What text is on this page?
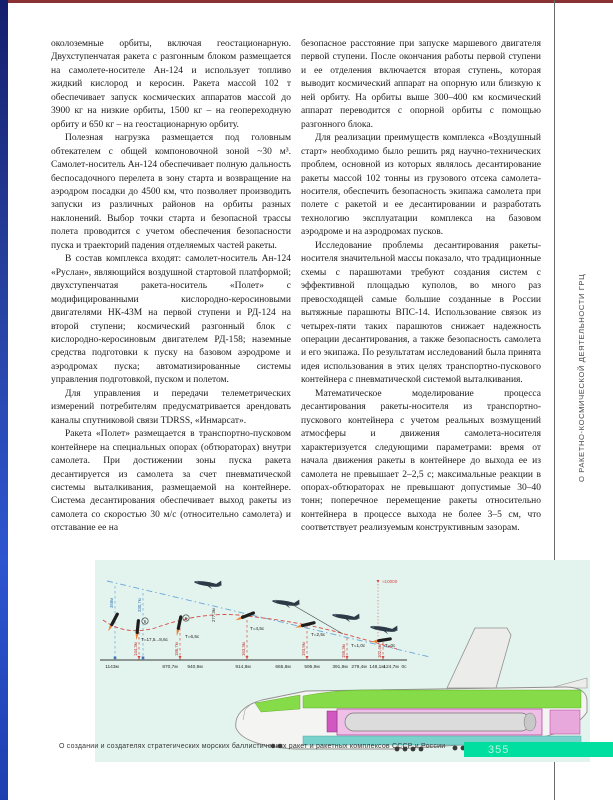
О РАКЕТНО-КОСМИЧЕСКОЙ ДЕЯТЕЛЬНОСТИ ГРЦ

околоземные орбиты, включая геостационарную. Двухступенчатая ракета с разгонным блоком размещается на самолете-носителе Ан-124 и использует топливо жидкий кислород и керосин. Ракета массой 102 т обеспечивает запуск космических аппаратов массой до 3900 кг на низкие орбиты, 1500 кг – на геопереходную орбиту и 650 кг – на геостационарную орбиту.

Полезная нагрузка размещается под головным обтекателем с общей компоновочной зоной ~30 м³. Самолет-носитель Ан-124 обеспечивает полную дальность беспосадочного перелета в зону старта и возвращение на аэродром посадки до 4500 км, что позволяет производить запуски из различных районов на орбиты разных наклонений. Выбор точки старта и безопасной трассы полета проводится с учетом обеспечения безопасности пуска и траекторий падения отделяемых частей ракеты.

В состав комплекса входят: самолет-носитель Ан-124 «Руслан», являющийся воздушной стартовой платформой; двухступенчатая ракета-носитель «Полет» с модифицированными кислородно-керосиновыми двигателями НК-43М на первой ступени и РД-124 на второй ступени; космический разгонный блок с кислородно-керосиновым двигателем РД-158; наземные средства подготовки к пуску на базовом аэродроме и аэродромах пуска; автоматизированные системы управления подготовкой, пуском и полетом.

Для управления и передачи телеметрических измерений потребителям предусматривается арендовать каналы спутниковой связи TDRSS, «Инмарсат».

Ракета «Полет» размещается в транспортно-пусковом контейнере на специальных опорах (обтюраторах) внутри самолета. При достижении зоны пуска ракета десантируется из самолета за счет пневматической системы выталкивания, размещаемой на контейнере. Система десантирования обеспечивает выход ракеты из самолета со скоростью 30 м/с (относительно самолета) и отставание ее на

безопасное расстояние при запуске маршевого двигателя первой ступени. После окончания работы первой ступени и ее отделения включается вторая ступень, которая выводит космический аппарат на опорную или близкую к ней орбиту. На орбиты выше 300–400 км космический аппарат переводится с опорной орбиты с помощью разгонного блока.

Для реализации преимуществ комплекса «Воздушный старт» необходимо было решить ряд научно-технических проблем, основной из которых являлось десантирование ракеты массой 102 тонны из грузового отсека самолета-носителя, обеспечить безопасность экипажа самолета при полете с ракетой и ее десантировании и разработать технологию эксплуатации комплекса на базовом аэродроме и на аэродромах пусков.

Исследование проблемы десантирования ракеты-носителя значительной массы показало, что традиционные схемы с парашютами требуют создания систем с эффективной площадью куполов, во много раз превосходящей самые большие созданные в России вытяжные парашюты ВПС-14. Использование связок из четырех-пяти таких парашютов снижает надежность операции десантирования, а также безопасность самолета и его экипажа. По результатам исследований была принята идея использования в этих целях транспортно-пускового контейнера с пневматической системой выталкивания.

Математическое моделирование процесса десантирования ракеты-носителя из транспортно-пускового контейнера с учетом реальных возмущений атмосферы и движения самолета-носителя характеризуется следующими параметрами: время от начала движения ракеты в контейнере до выхода ее из самолета не превышает 2–2,5 с; максимальные реакции в опорах-обтюраторах не превышают допустимые 30–40 тонн; поперечное перемещение ракеты относительно контейнера в процессе выхода не более 3–5 см, что соответствует реализуемым конструктивным зазорам.

6
5
Т=17,5...8,6с
Т=6,5с
Т=4,5с
Т=2,5с
Т=1,0с	Т=0с
144,3м	186,7м	163,3м	193,9м	155,3м	102,4м
358м	330,7м
277,3м
≈10000
1143м	870,7м 940,9м	914,8м	665,8м	595,9м	391,9м 279,4м 148,1м
124,7м 0с
О создании и создателях стратегических морских баллистических ракет и ракетных комплексов СССР и России	355
